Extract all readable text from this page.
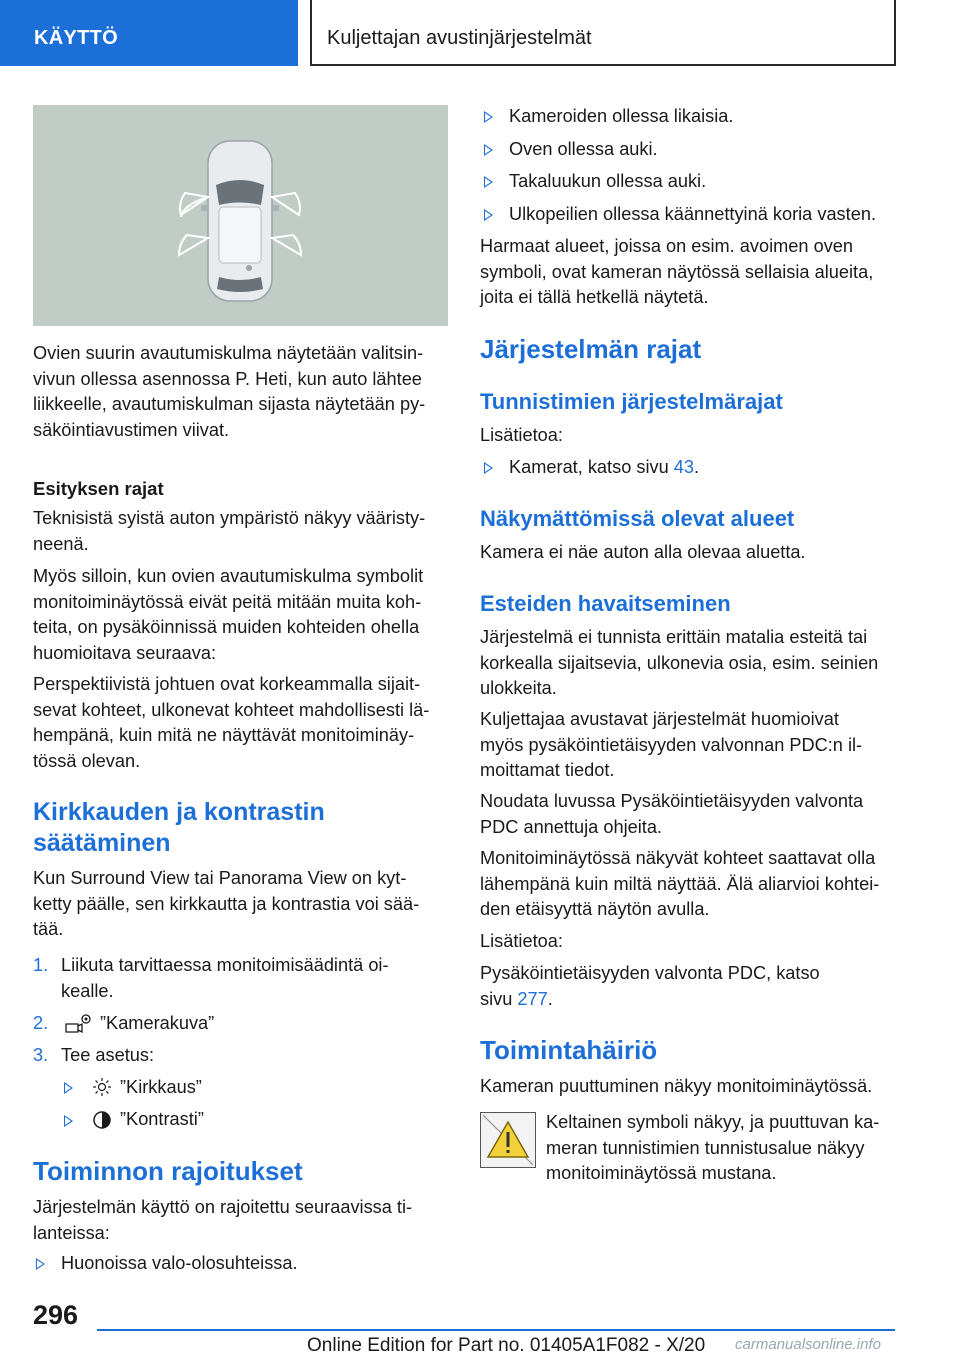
KÄYTTÖ	Kuljettajan avustinjärjestelmät

Ovien suurin avautumiskulma näytetään valitsin-

vivun ollessa asennossa P. Heti, kun auto lähtee

liikkeelle, avautumiskulman sijasta näytetään py-

säköintiavustimen viivat.

Esityksen rajat

Teknisistä syistä auton ympäristö näkyy vääristy-

neenä.

Myös silloin, kun ovien avautumiskulma symbolit

monitoiminäytössä eivät peitä mitään muita koh-

teita, on pysäköinnissä muiden kohteiden ohella

huomioitava seuraava:

Perspektiivistä johtuen ovat korkeammalla sijait-

sevat kohteet, ulkonevat kohteet mahdollisesti lä-

hempänä, kuin mitä ne näyttävät monitoiminäy-

tössä olevan.

Kirkkauden ja kontrastin
säätäminen

Kun Surround View tai Panorama View on kyt-

ketty päälle, sen kirkkautta ja kontrastia voi sää-

tää.

1. Liikuta tarvittaessa monitoimisäädintä oi-

kealle.

2.	”Kamerakuva”
3. Tee asetus:
”Kirkkaus”
”Kontrasti”
Toiminnon rajoitukset

Järjestelmän käyttö on rajoitettu seuraavissa ti-

lanteissa:

Huonoissa valo-olosuhteissa.
Kameroiden ollessa likaisia.
Oven ollessa auki.
Takaluukun ollessa auki.
Ulkopeilien ollessa käännettyinä koria vasten.

Harmaat alueet, joissa on esim. avoimen oven

symboli, ovat kameran näytössä sellaisia alueita,

joita ei tällä hetkellä näytetä.

Järjestelmän rajat
Tunnistimien järjestelmärajat

Lisätietoa:

Kamerat, katso sivu 43.
Näkymättömissä olevat alueet

Kamera ei näe auton alla olevaa aluetta.

Esteiden havaitseminen

Järjestelmä ei tunnista erittäin matalia esteitä tai

korkealla sijaitsevia, ulkonevia osia, esim. seinien

ulokkeita.

Kuljettajaa avustavat järjestelmät huomioivat

myös pysäköintietäisyyden valvonnan PDC:n il-

moittamat tiedot.

Noudata luvussa Pysäköintietäisyyden valvonta

PDC annettuja ohjeita.

Monitoiminäytössä näkyvät kohteet saattavat olla

lähempänä kuin miltä näyttää. Älä aliarvioi kohtei-

den etäisyyttä näytön avulla.

Lisätietoa:

Pysäköintietäisyyden valvonta PDC, katso

sivu 277.

Toimintahäiriö

Kameran puuttuminen näkyy monitoiminäytössä.

Keltainen symboli näkyy, ja puuttuvan ka-

meran tunnistimien tunnistusalue näkyy

monitoiminäytössä mustana.

296
Online Edition for Part no. 01405A1F082 - X/20 carmanualsonline.info
